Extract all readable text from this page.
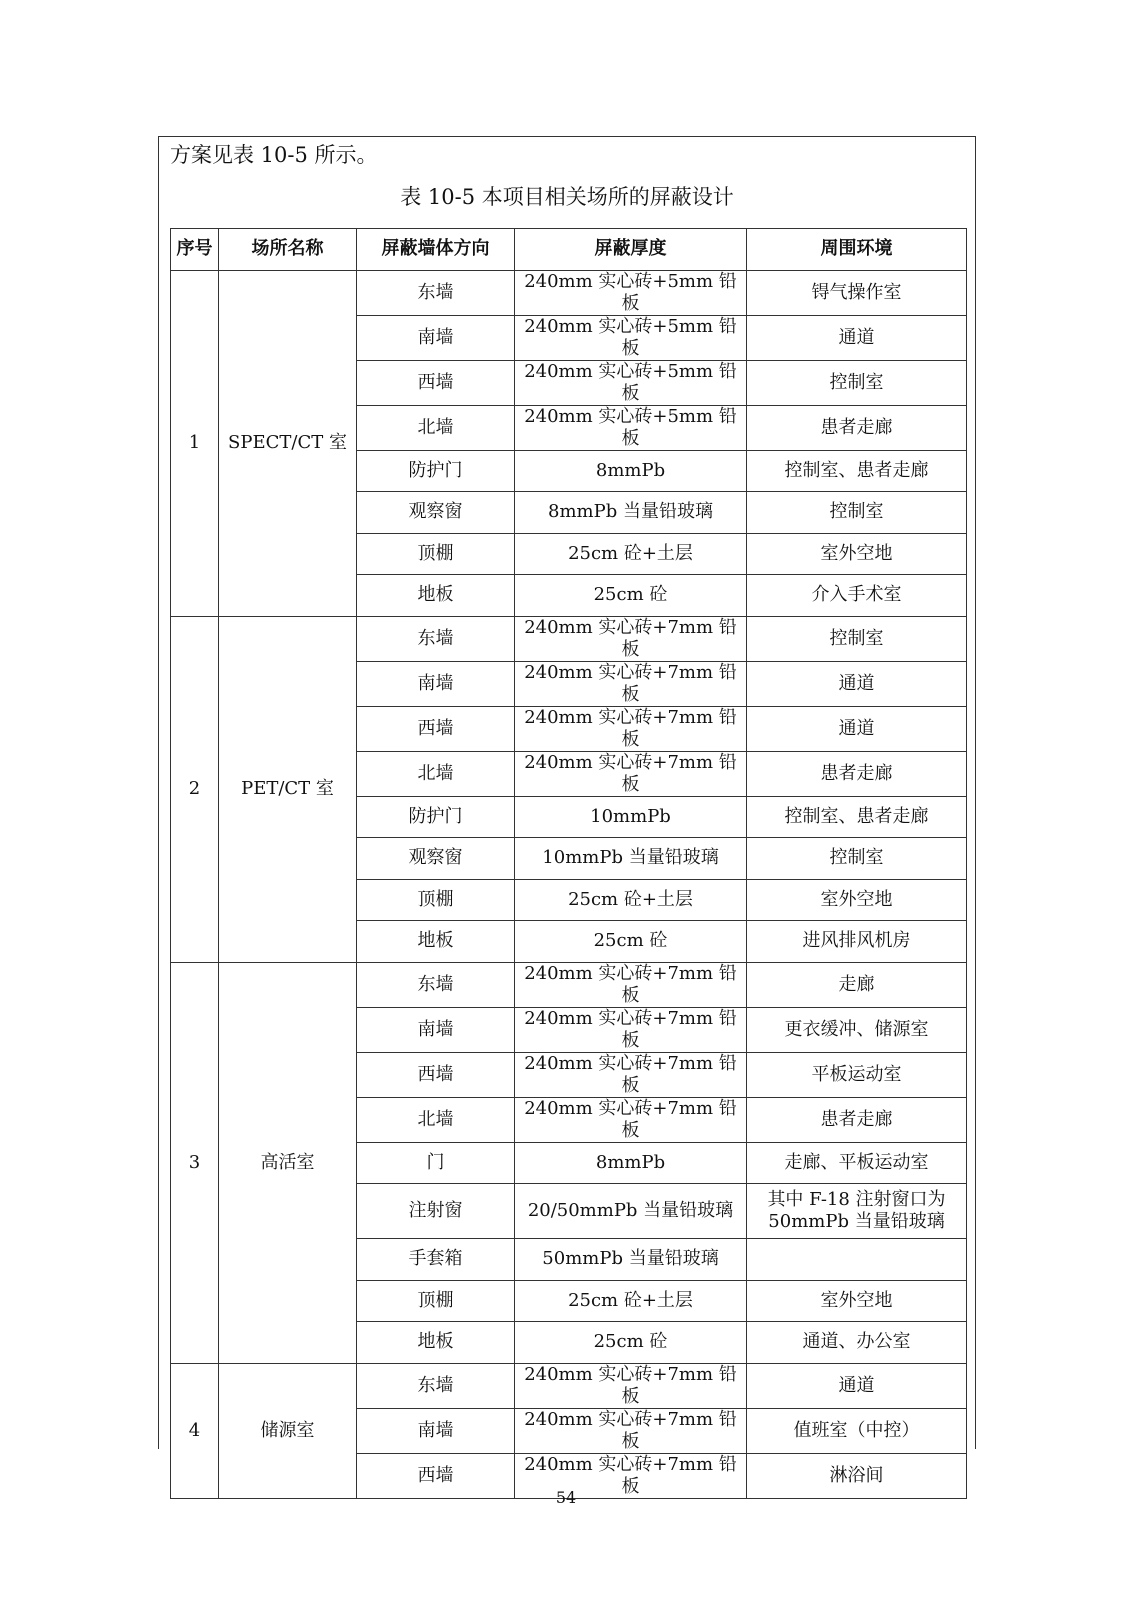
方案见表 10-5 所示。
表 10-5 本项目相关场所的屏蔽设计
序号	场所名称	屏蔽墙体方向	屏蔽厚度	周围环境
1	SPECT/CT 室	东墙	240mm 实心砖+5mm 铅板	锝气操作室
		南墙	240mm 实心砖+5mm 铅板	通道
		西墙	240mm 实心砖+5mm 铅板	控制室
		北墙	240mm 实心砖+5mm 铅板	患者走廊
		防护门	8mmPb	控制室、患者走廊
		观察窗	8mmPb 当量铅玻璃	控制室
		顶棚	25cm 砼+土层	室外空地
		地板	25cm 砼	介入手术室
2	PET/CT 室	东墙	240mm 实心砖+7mm 铅板	控制室
		南墙	240mm 实心砖+7mm 铅板	通道
		西墙	240mm 实心砖+7mm 铅板	通道
		北墙	240mm 实心砖+7mm 铅板	患者走廊
		防护门	10mmPb	控制室、患者走廊
		观察窗	10mmPb 当量铅玻璃	控制室
		顶棚	25cm 砼+土层	室外空地
		地板	25cm 砼	进风排风机房
3	高活室	东墙	240mm 实心砖+7mm 铅板	走廊
		南墙	240mm 实心砖+7mm 铅板	更衣缓冲、储源室
		西墙	240mm 实心砖+7mm 铅板	平板运动室
		北墙	240mm 实心砖+7mm 铅板	患者走廊
		门	8mmPb	走廊、平板运动室
		注射窗	20/50mmPb 当量铅玻璃	其中 F-18 注射窗口为50mmPb 当量铅玻璃
		手套箱	50mmPb 当量铅玻璃	
		顶棚	25cm 砼+土层	室外空地
		地板	25cm 砼	通道、办公室
4	储源室	东墙	240mm 实心砖+7mm 铅板	通道
		南墙	240mm 实心砖+7mm 铅板	值班室（中控）
		西墙	240mm 实心砖+7mm 铅板	淋浴间
54
